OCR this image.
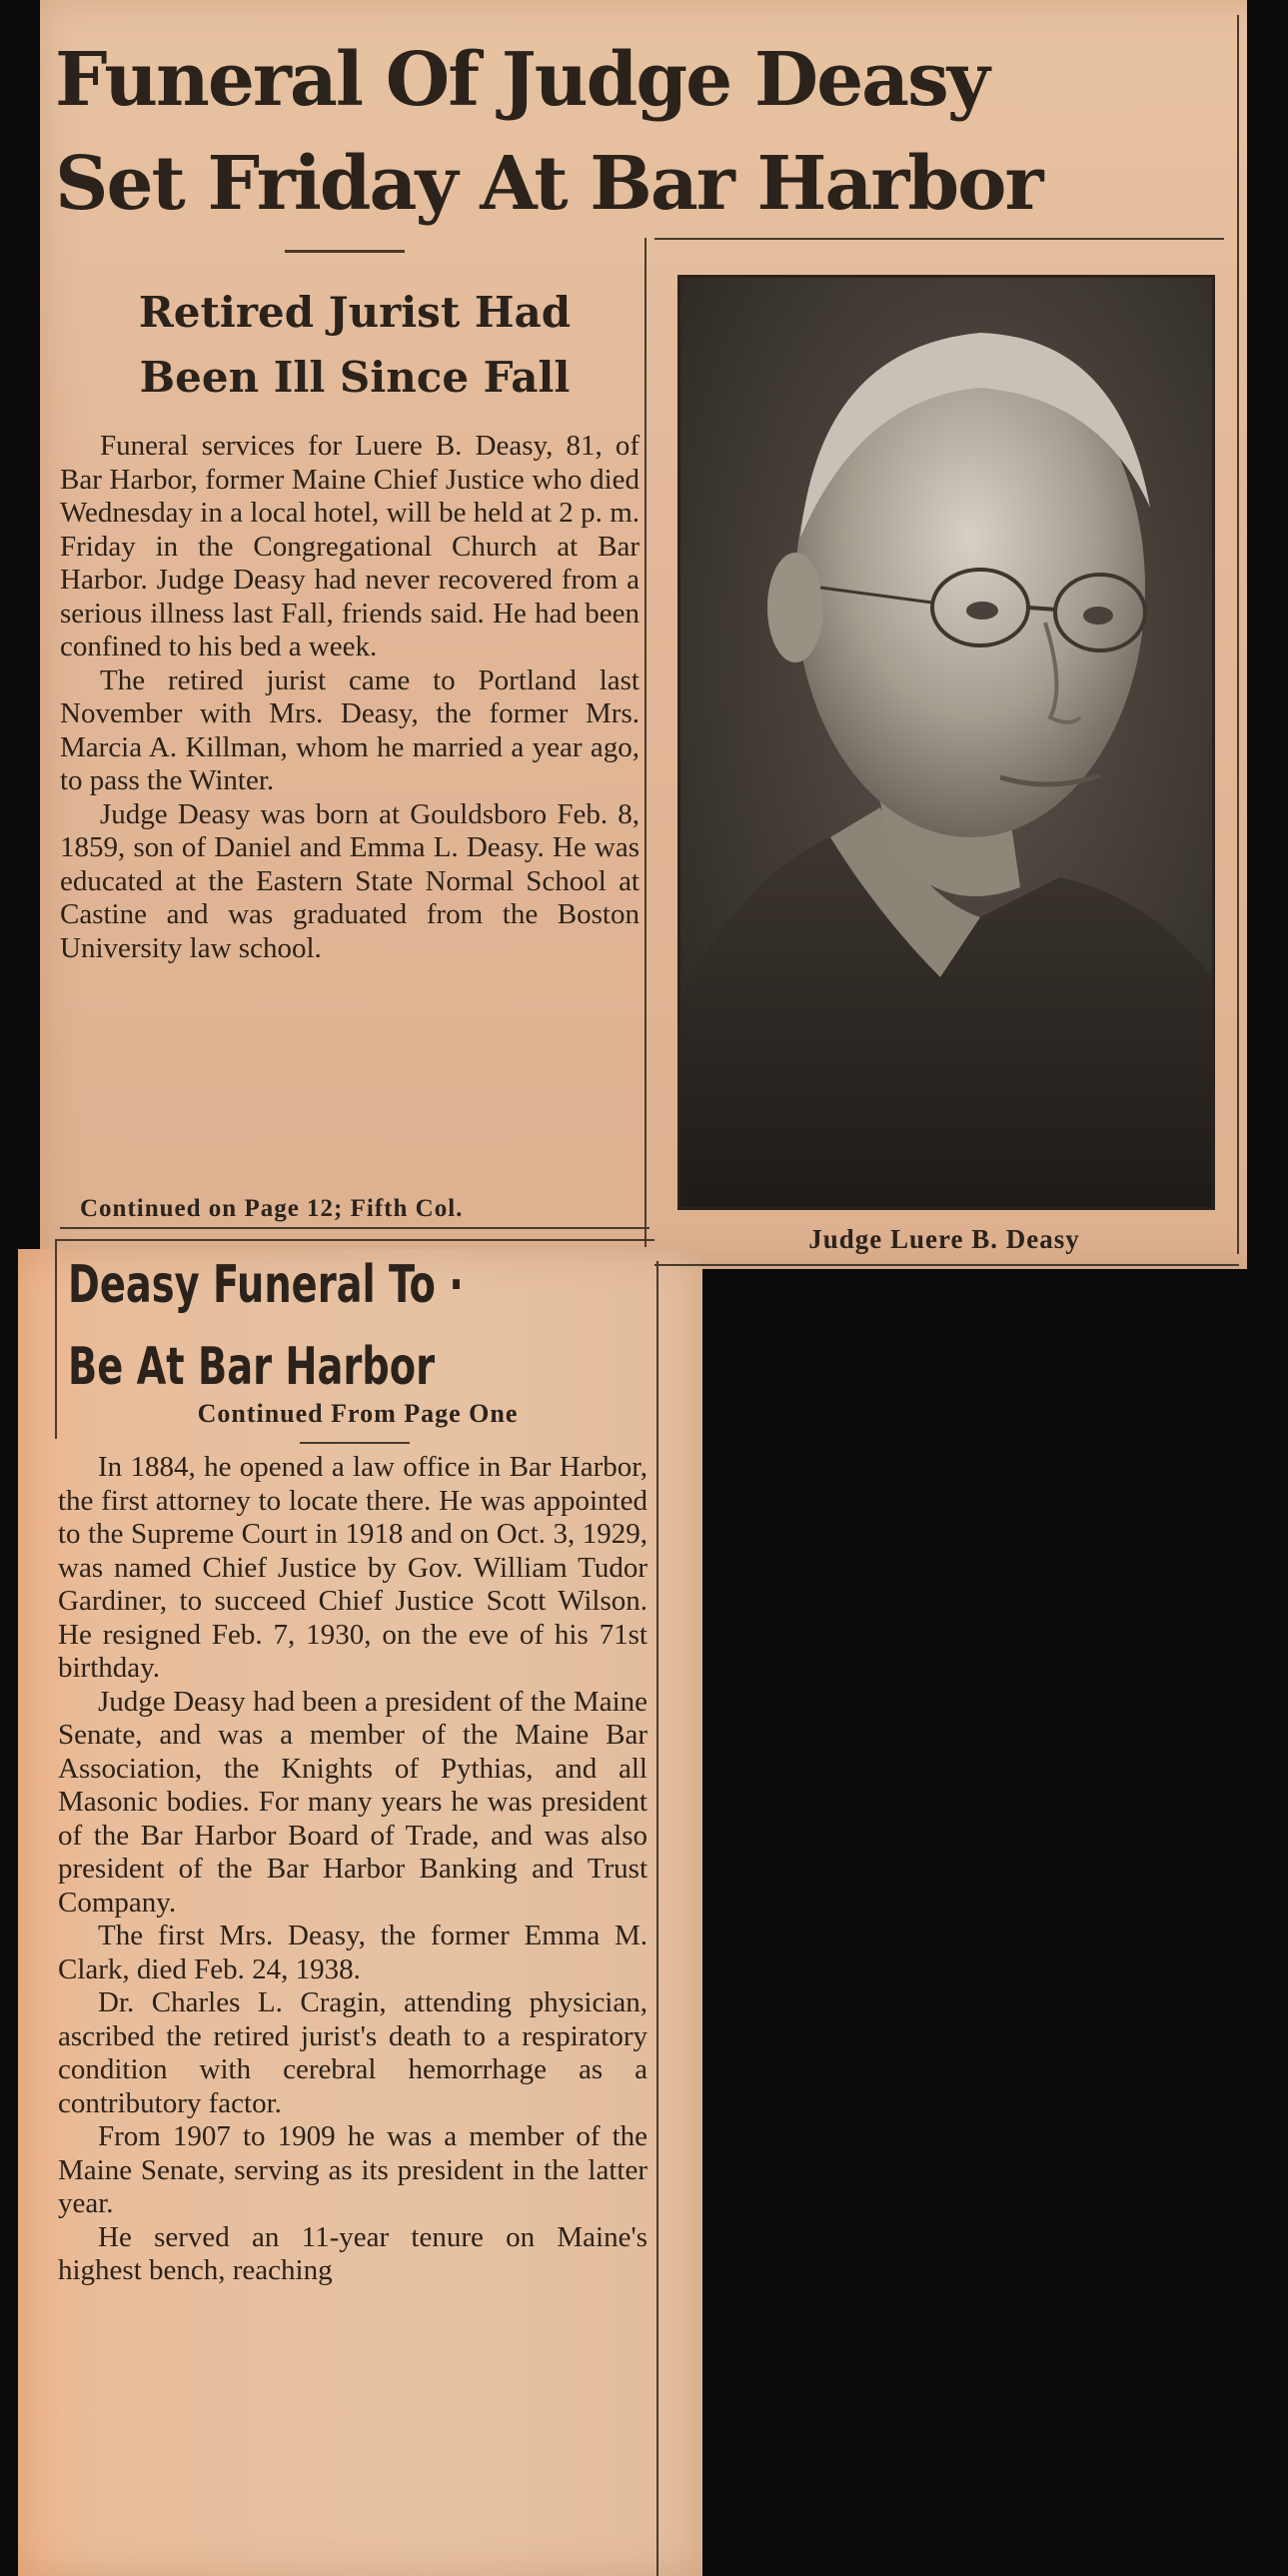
Funeral Of Judge Deasy
Set Friday At Bar Harbor
Retired Jurist Had
Been Ill Since Fall

Funeral services for Luere B. Deasy, 81, of Bar Harbor, former Maine Chief Justice who died Wednesday in a local hotel, will be held at 2 p. m. Friday in the Congregational Church at Bar Harbor. Judge Deasy had never recovered from a serious illness last Fall, friends said. He had been confined to his bed a week.

The retired jurist came to Portland last November with Mrs. Deasy, the former Mrs. Marcia A. Killman, whom he married a year ago, to pass the Winter.

Judge Deasy was born at Gouldsboro Feb. 8, 1859, son of Daniel and Emma L. Deasy. He was educated at the Eastern State Normal School at Castine and was graduated from the Boston University law school.

Continued on Page 12; Fifth Col.
Judge Luere B. Deasy
Deasy Funeral To ·
Be At Bar Harbor
Continued From Page One

In 1884, he opened a law office in Bar Harbor, the first attorney to locate there. He was appointed to the Supreme Court in 1918 and on Oct. 3, 1929, was named Chief Justice by Gov. William Tudor Gardiner, to succeed Chief Justice Scott Wilson. He resigned Feb. 7, 1930, on the eve of his 71st birthday.

Judge Deasy had been a president of the Maine Senate, and was a member of the Maine Bar Association, the Knights of Pythias, and all Masonic bodies. For many years he was president of the Bar Harbor Board of Trade, and was also president of the Bar Harbor Banking and Trust Company.

The first Mrs. Deasy, the former Emma M. Clark, died Feb. 24, 1938.

Dr. Charles L. Cragin, attending physician, ascribed the retired jurist's death to a respiratory condition with cerebral hemorrhage as a contributory factor.

From 1907 to 1909 he was a member of the Maine Senate, serving as its president in the latter year.

He served an 11-year tenure on Maine's highest bench, reaching
